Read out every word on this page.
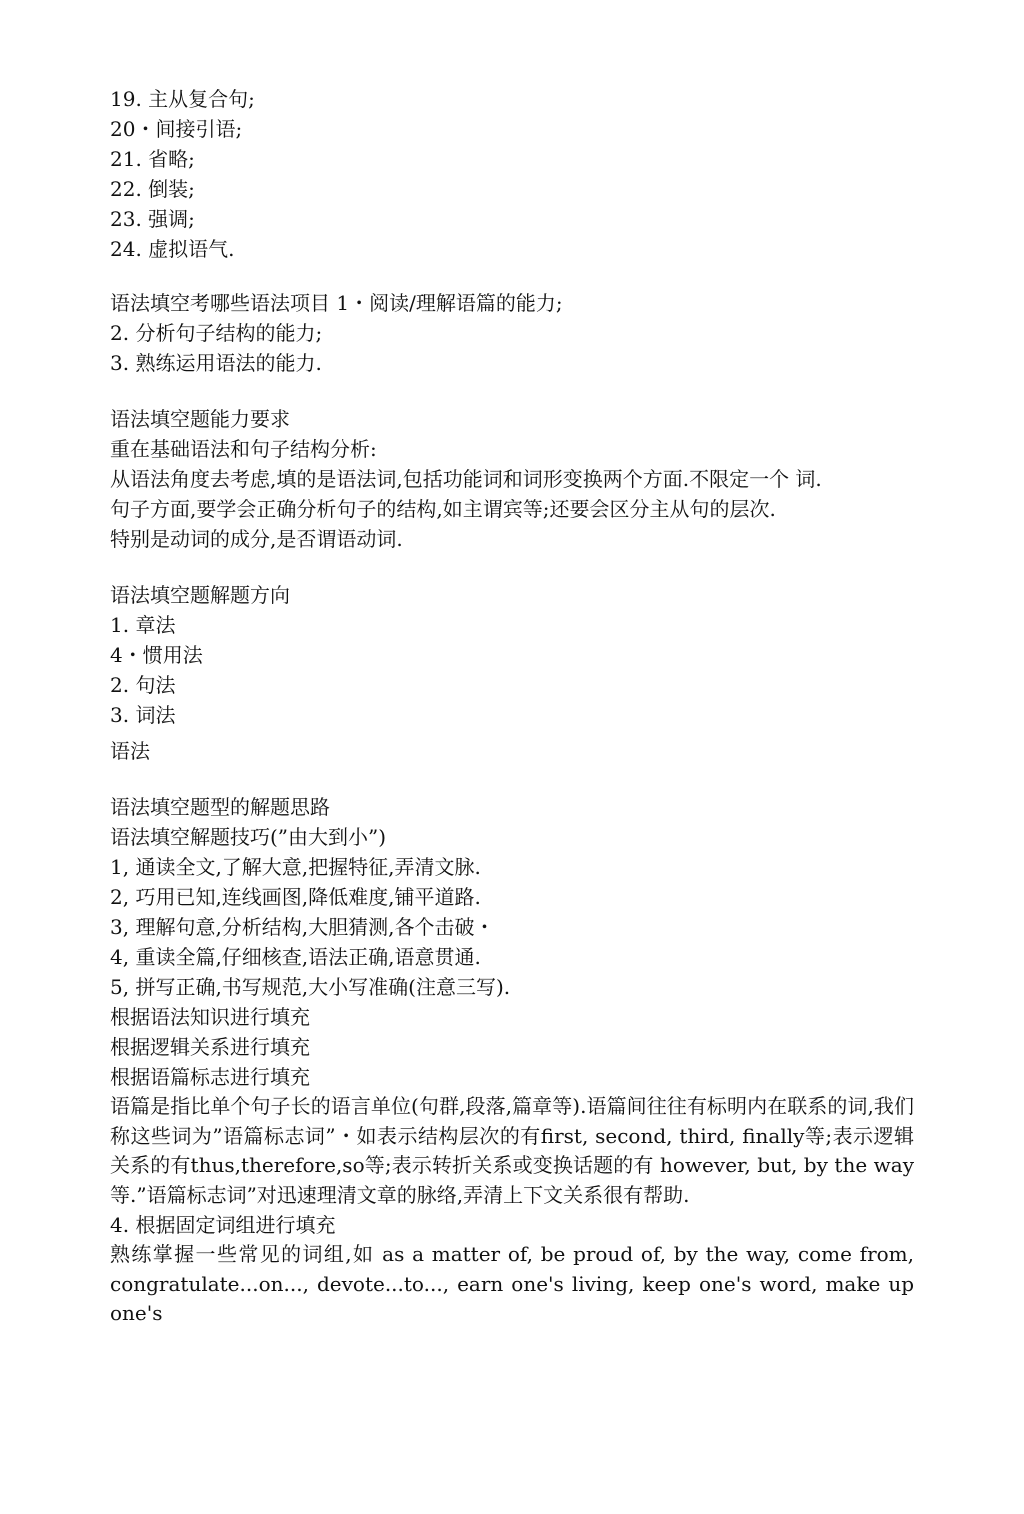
19. 主从复合句;
20・间接引语;
21. 省略;
22. 倒装;
23. 强调;
24. 虚拟语气.
语法填空考哪些语法项目 1・阅读/理解语篇的能力;
2. 分析句子结构的能力;
3. 熟练运用语法的能力.
语法填空题能力要求
重在基础语法和句子结构分析:
从语法角度去考虑,填的是语法词,包括功能词和词形变换两个方面.不限定一个 词.
句子方面,要学会正确分析句子的结构,如主谓宾等;还要会区分主从句的层次.
特别是动词的成分,是否谓语动词.
语法填空题解题方向
1. 章法
4・惯用法
2. 句法
3. 词法
语法
语法填空题型的解题思路
语法填空解题技巧(”由大到小”)
1, 通读全文,了解大意,把握特征,弄清文脉.
2, 巧用已知,连线画图,降低难度,铺平道路.
3, 理解句意,分析结构,大胆猜测,各个击破・
4, 重读全篇,仔细核查,语法正确,语意贯通.
5, 拼写正确,书写规范,大小写准确(注意三写).
根据语法知识进行填充
根据逻辑关系进行填充
根据语篇标志进行填充
语篇是指比单个句子长的语言单位(句群,段落,篇章等).语篇间往往有标明内在联系的词,我们称这些词为”语篇标志词”・如表示结构层次的有first, second, third, finally等;表示逻辑关系的有thus,therefore,so等;表示转折关系或变换话题的有 however, but, by the way等.”语篇标志词”对迅速理清文章的脉络,弄清上下文关系很有帮助.
4. 根据固定词组进行填充
熟练掌握一些常见的词组,如 as a matter of, be proud of, by the way, come from, congratulate...on..., devote...to..., earn one's living, keep one's word, make up one's
